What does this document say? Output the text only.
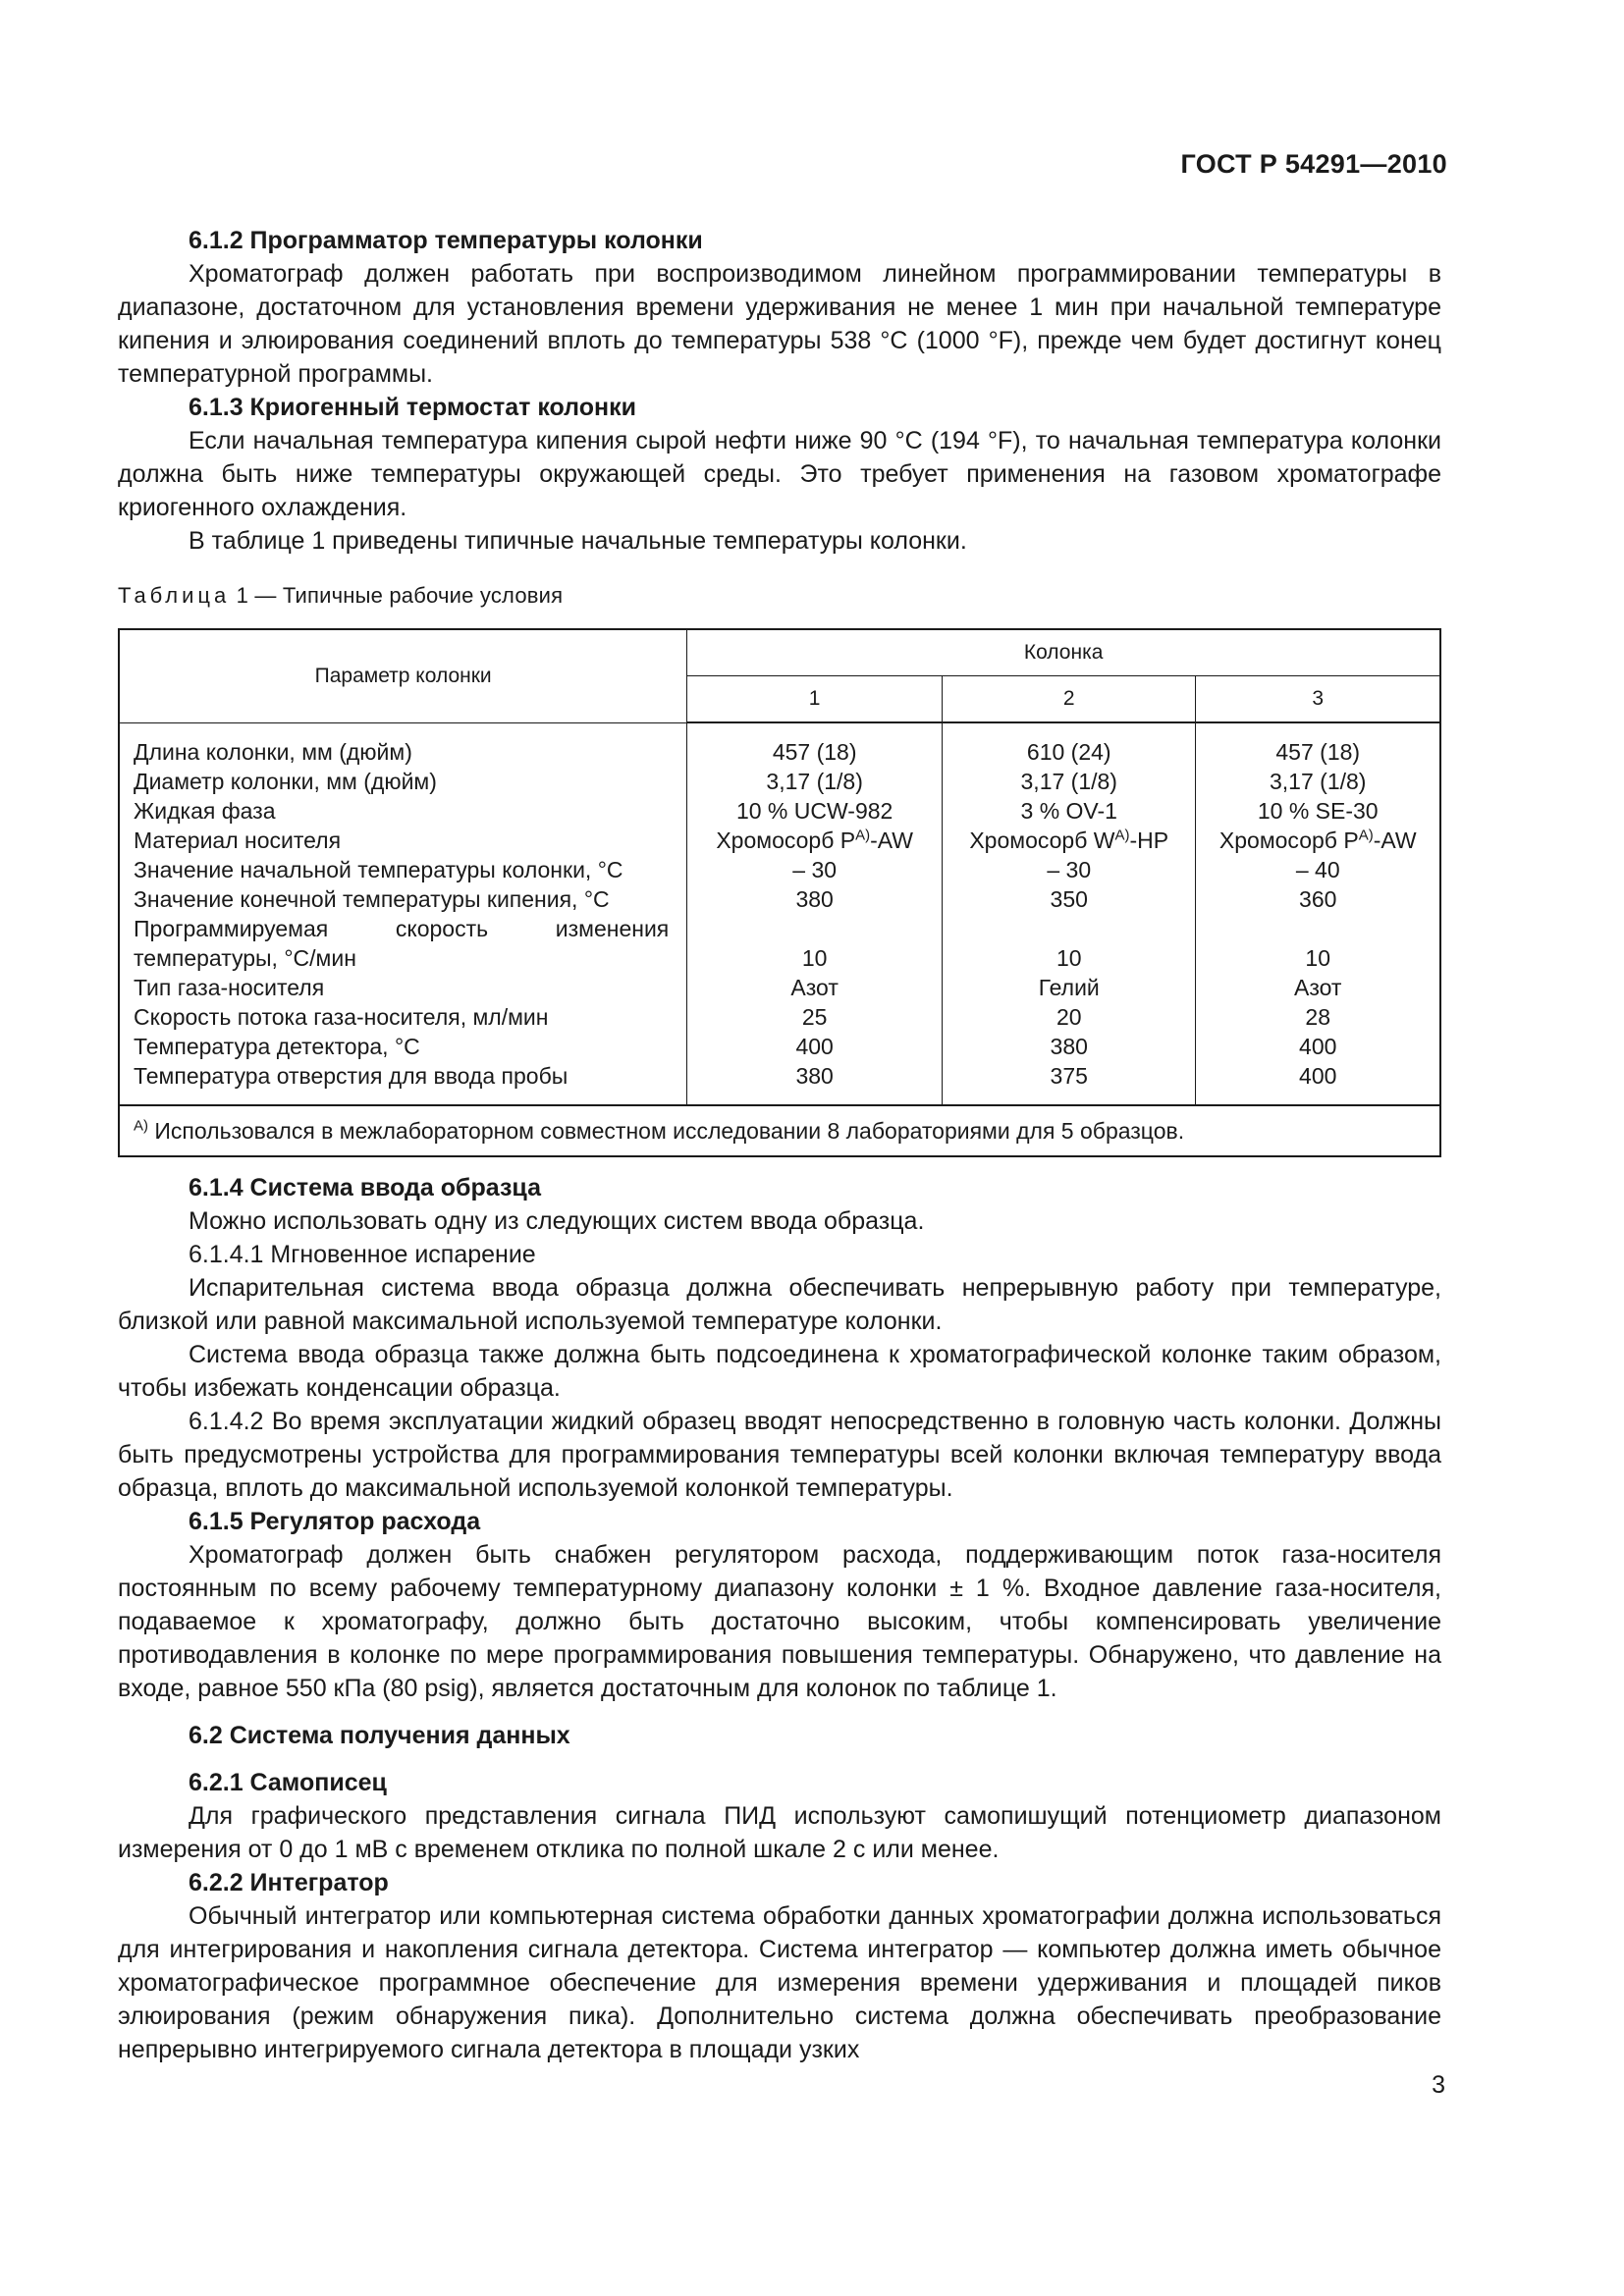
ГОСТ Р 54291—2010

6.1.2 Программатор температуры колонки

Хроматограф должен работать при воспроизводимом линейном программировании температуры в диапазоне, достаточном для установления времени удерживания не менее 1 мин при начальной температуре кипения и элюирования соединений вплоть до температуры 538 °С (1000 °F), прежде чем будет достигнут конец температурной программы.

6.1.3 Криогенный термостат колонки

Если начальная температура кипения сырой нефти ниже 90 °С (194 °F), то начальная температура колонки должна быть ниже температуры окружающей среды. Это требует применения на газовом хроматографе криогенного охлаждения.

В таблице 1 приведены типичные начальные температуры колонки.

Таблица 1 — Типичные рабочие условия
Параметр колонки	Колонка		
	1	2	3
Длина колонки, мм (дюйм)	457 (18)	610 (24)	457 (18)
Диаметр колонки, мм (дюйм)	3,17 (1/8)	3,17 (1/8)	3,17 (1/8)
Жидкая фаза	10 % UCW-982	3 % OV-1	10 % SE-30
Материал носителя	Хромосорб $P^{A)}-AW$	Хромосорб $W^{A)}-HP$	Хромосорб $P^{A)}-AW$
Значение начальной температуры колонки, °С	– 30	– 30	– 40
Значение конечной температуры кипения, °С	380	350	360
Программируемая скорость изменения температуры, °С/мин	10	10	10
Тип газа-носителя	Азот	Гелий	Азот
Скорость потока газа-носителя, мл/мин	25	20	28
Температура детектора, °С	400	380	400
Температура отверстия для ввода пробы	380	375	400
$^{A)}$ Использовался в межлабораторном совместном исследовании 8 лабораториями для 5 образцов.			

6.1.4 Система ввода образца

Можно использовать одну из следующих систем ввода образца.

6.1.4.1 Мгновенное испарение

Испарительная система ввода образца должна обеспечивать непрерывную работу при температуре, близкой или равной максимальной используемой температуре колонки.

Система ввода образца также должна быть подсоединена к хроматографической колонке таким образом, чтобы избежать конденсации образца.

6.1.4.2 Во время эксплуатации жидкий образец вводят непосредственно в головную часть колонки. Должны быть предусмотрены устройства для программирования температуры всей колонки включая температуру ввода образца, вплоть до максимальной используемой колонкой температуры.

6.1.5 Регулятор расхода

Хроматограф должен быть снабжен регулятором расхода, поддерживающим поток газа-носителя постоянным по всему рабочему температурному диапазону колонки ± 1 %. Входное давление газа-носителя, подаваемое к хроматографу, должно быть достаточно высоким, чтобы компенсировать увеличение противодавления в колонке по мере программирования повышения температуры. Обнаружено, что давление на входе, равное 550 кПа (80 psig), является достаточным для колонок по таблице 1.

6.2 Система получения данных

6.2.1 Самописец

Для графического представления сигнала ПИД используют самопишущий потенциометр диапазоном измерения от 0 до 1 мВ с временем отклика по полной шкале 2 с или менее.

6.2.2 Интегратор

Обычный интегратор или компьютерная система обработки данных хроматографии должна использоваться для интегрирования и накопления сигнала детектора. Система интегратор — компьютер должна иметь обычное хроматографическое программное обеспечение для измерения времени удерживания и площадей пиков элюирования (режим обнаружения пика). Дополнительно система должна обеспечивать преобразование непрерывно интегрируемого сигнала детектора в площади узких

3
